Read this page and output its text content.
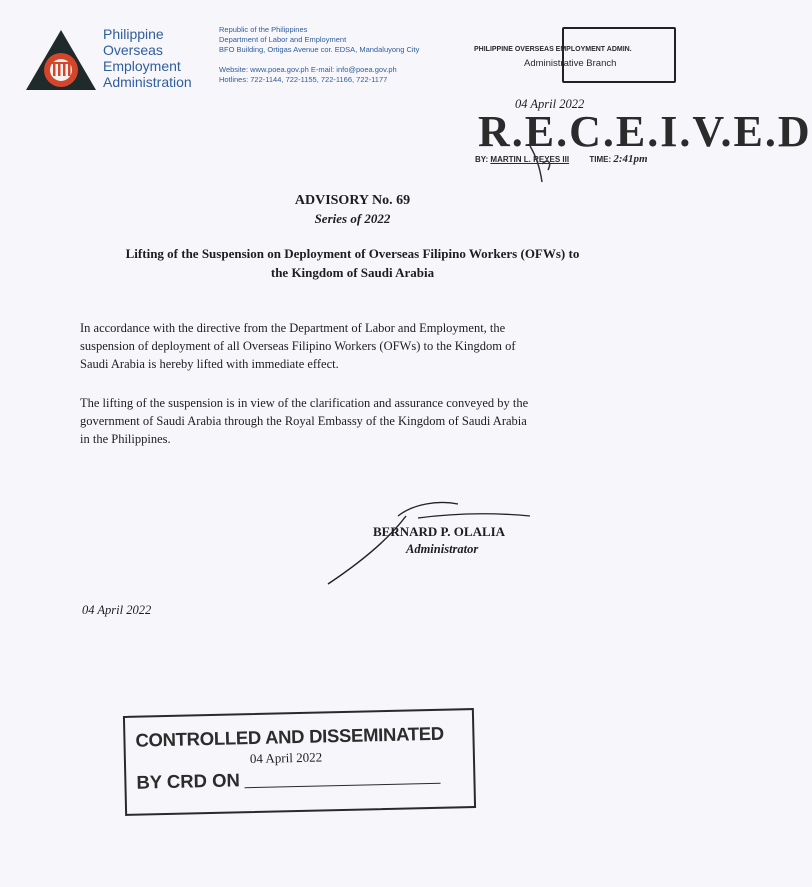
Philippine
Overseas
Employment
Administration
Republic of the Philippines
Department of Labor and Employment
BFO Building, Ortigas Avenue cor. EDSA, Mandaluyong City
Website: www.poea.gov.ph E-mail: info@poea.gov.ph
Hotlines: 722-1144, 722-1155, 722-1166, 722-1177
PHILIPPINE OVERSEAS EMPLOYMENT ADMIN.
Administrative Branch
04 April 2022
R.E.C.E.I.V.E.D
BY: MARTIN L. REYES III	TIME: 2:41pm
ADVISORY No. 69
Series of 2022
Lifting of the Suspension on Deployment of Overseas Filipino Workers (OFWs) to
the Kingdom of Saudi Arabia
In accordance with the directive from the Department of Labor and Employment, the
suspension of deployment of all Overseas Filipino Workers (OFWs) to the Kingdom of
Saudi Arabia is hereby lifted with immediate effect.
The lifting of the suspension is in view of the clarification and assurance conveyed by the
government of Saudi Arabia through the Royal Embassy of the Kingdom of Saudi Arabia
in the Philippines.
BERNARD P. OLALIA
Administrator
04 April 2022
CONTROLLED AND DISSEMINATED
BY CRD ON
04 April 2022
